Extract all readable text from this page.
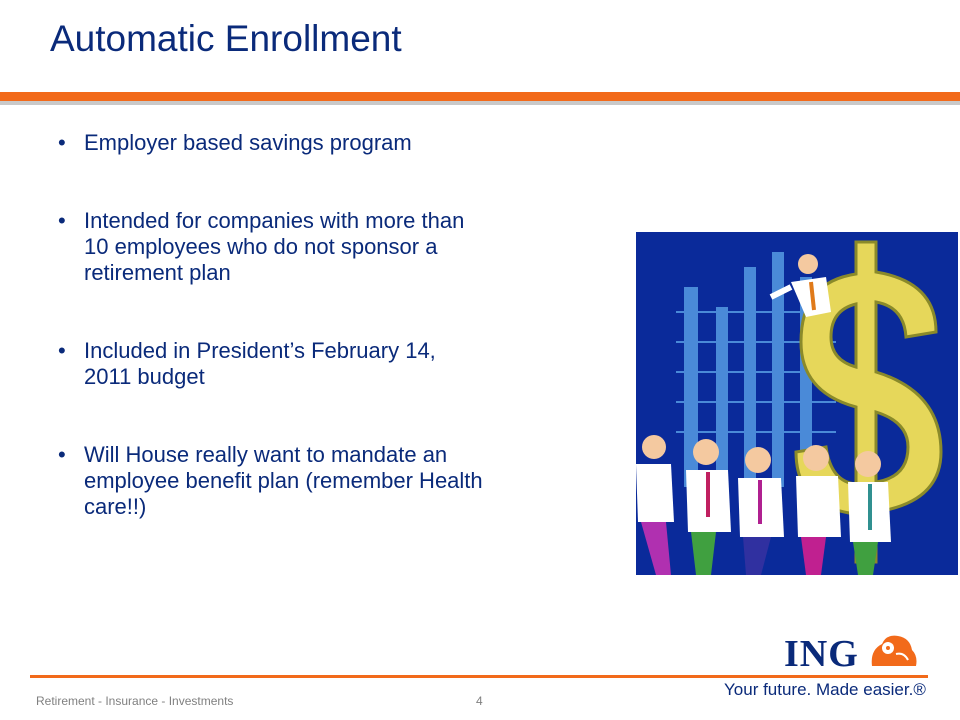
Automatic Enrollment
• Employer based savings program
• Intended for companies with more than 10 employees who do not sponsor a retirement plan
• Included in President’s February 14, 2011 budget
• Will House really want to mandate an employee benefit plan (remember Health care!!)
Retirement - Insurance - Investments	4
ING
Your future. Made easier.®
